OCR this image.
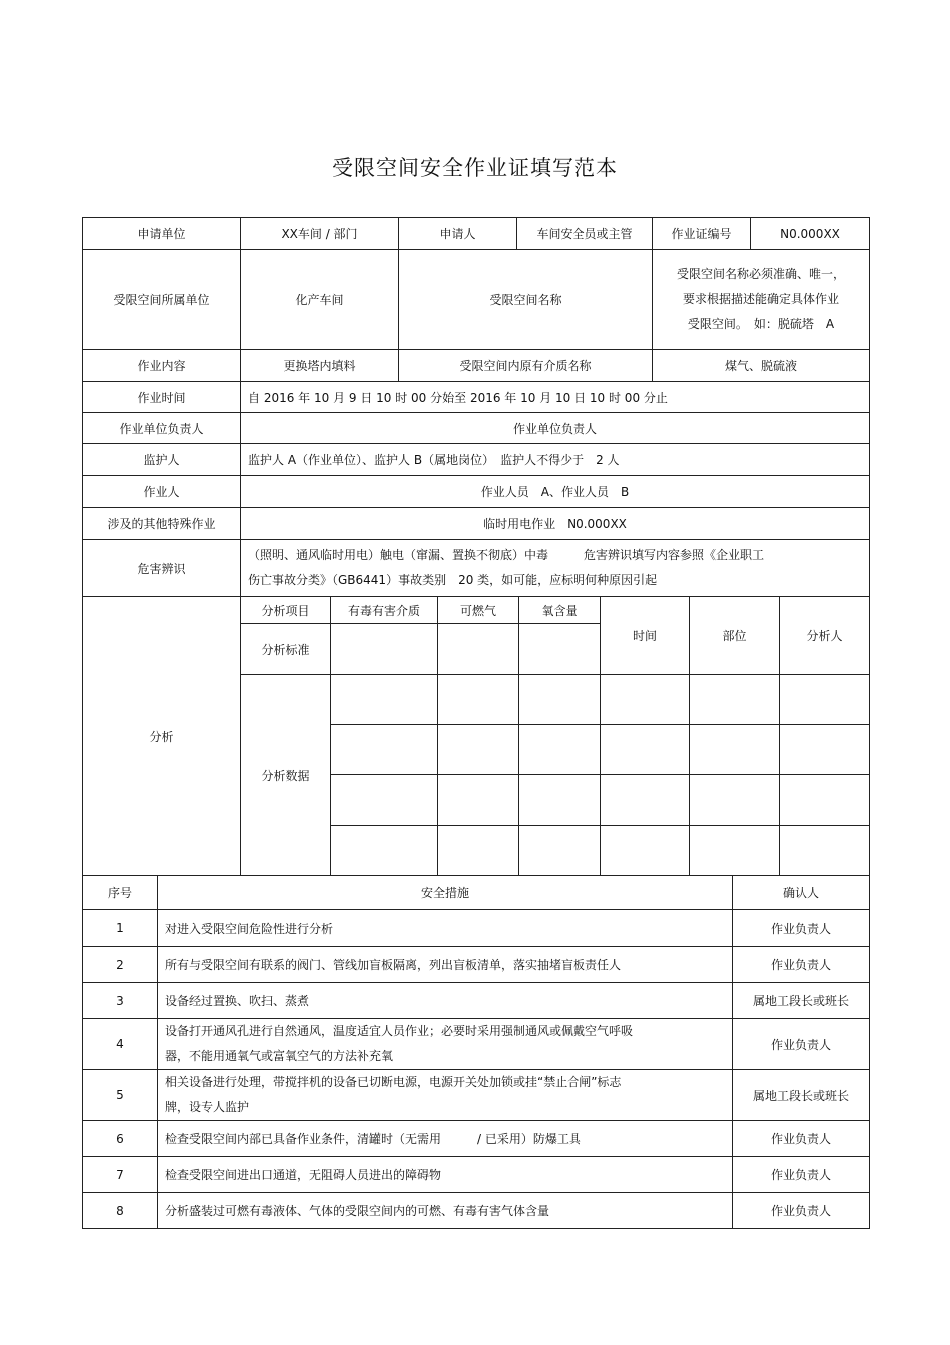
受限空间安全作业证填写范本
申请单位	XX车间 / 部门	申请人	车间安全员或主管	作业证编号	N0.000XX
受限空间所属单位	化产车间	受限空间名称		受限空间名称必须准确、唯一，
要求根据描述能确定具体作业
受限空间。　如：脱硫塔　A	

作业内容	更换塔内填料	受限空间内原有介质名称		煤气、脱硫液	
作业时间	自 2016 年 10 月 9 日 10 时 00 分始至 2016 年 10 月 10 日 10 时 00 分止				
作业单位负责人	作业单位负责人				
监护人	监护人 A（作业单位）、监护人 B（属地岗位）　监护人不得少于　2 人				
作业人	作业人员　A、作业人员　B				
涉及的其他特殊作业	临时用电作业　N0.000XX				
危害辨识	（照明、通风临时用电）触电（窜漏、置换不彻底）中毒　　　危害辨识填写内容参照《企业职工
伤亡事故分类》（GB6441）事故类别　20 类，如可能，应标明何种原因引起				
分析	分析项目	有毒有害介质	可燃气	氧含量	时间	部位	分析人
	分析标准						
	分析数据						

序号	安全措施	确认人
1	对进入受限空间危险性进行分析	作业负责人
2	所有与受限空间有联系的阀门、管线加盲板隔离，列出盲板清单，落实抽堵盲板责任人	作业负责人
3	设备经过置换、吹扫、蒸煮	属地工段长或班长
4	设备打开通风孔进行自然通风，温度适宜人员作业；必要时采用强制通风或佩戴空气呼吸
器，不能用通氧气或富氧空气的方法补充氧	作业负责人
5	相关设备进行处理，带搅拌机的设备已切断电源，电源开关处加锁或挂“禁止合闸”标志
牌，设专人监护	属地工段长或班长
6	检查受限空间内部已具备作业条件，清罐时（无需用　　　/ 已采用）防爆工具	作业负责人
7	检查受限空间进出口通道，无阻碍人员进出的障碍物	作业负责人
8	分析盛装过可燃有毒液体、气体的受限空间内的可燃、有毒有害气体含量	作业负责人
